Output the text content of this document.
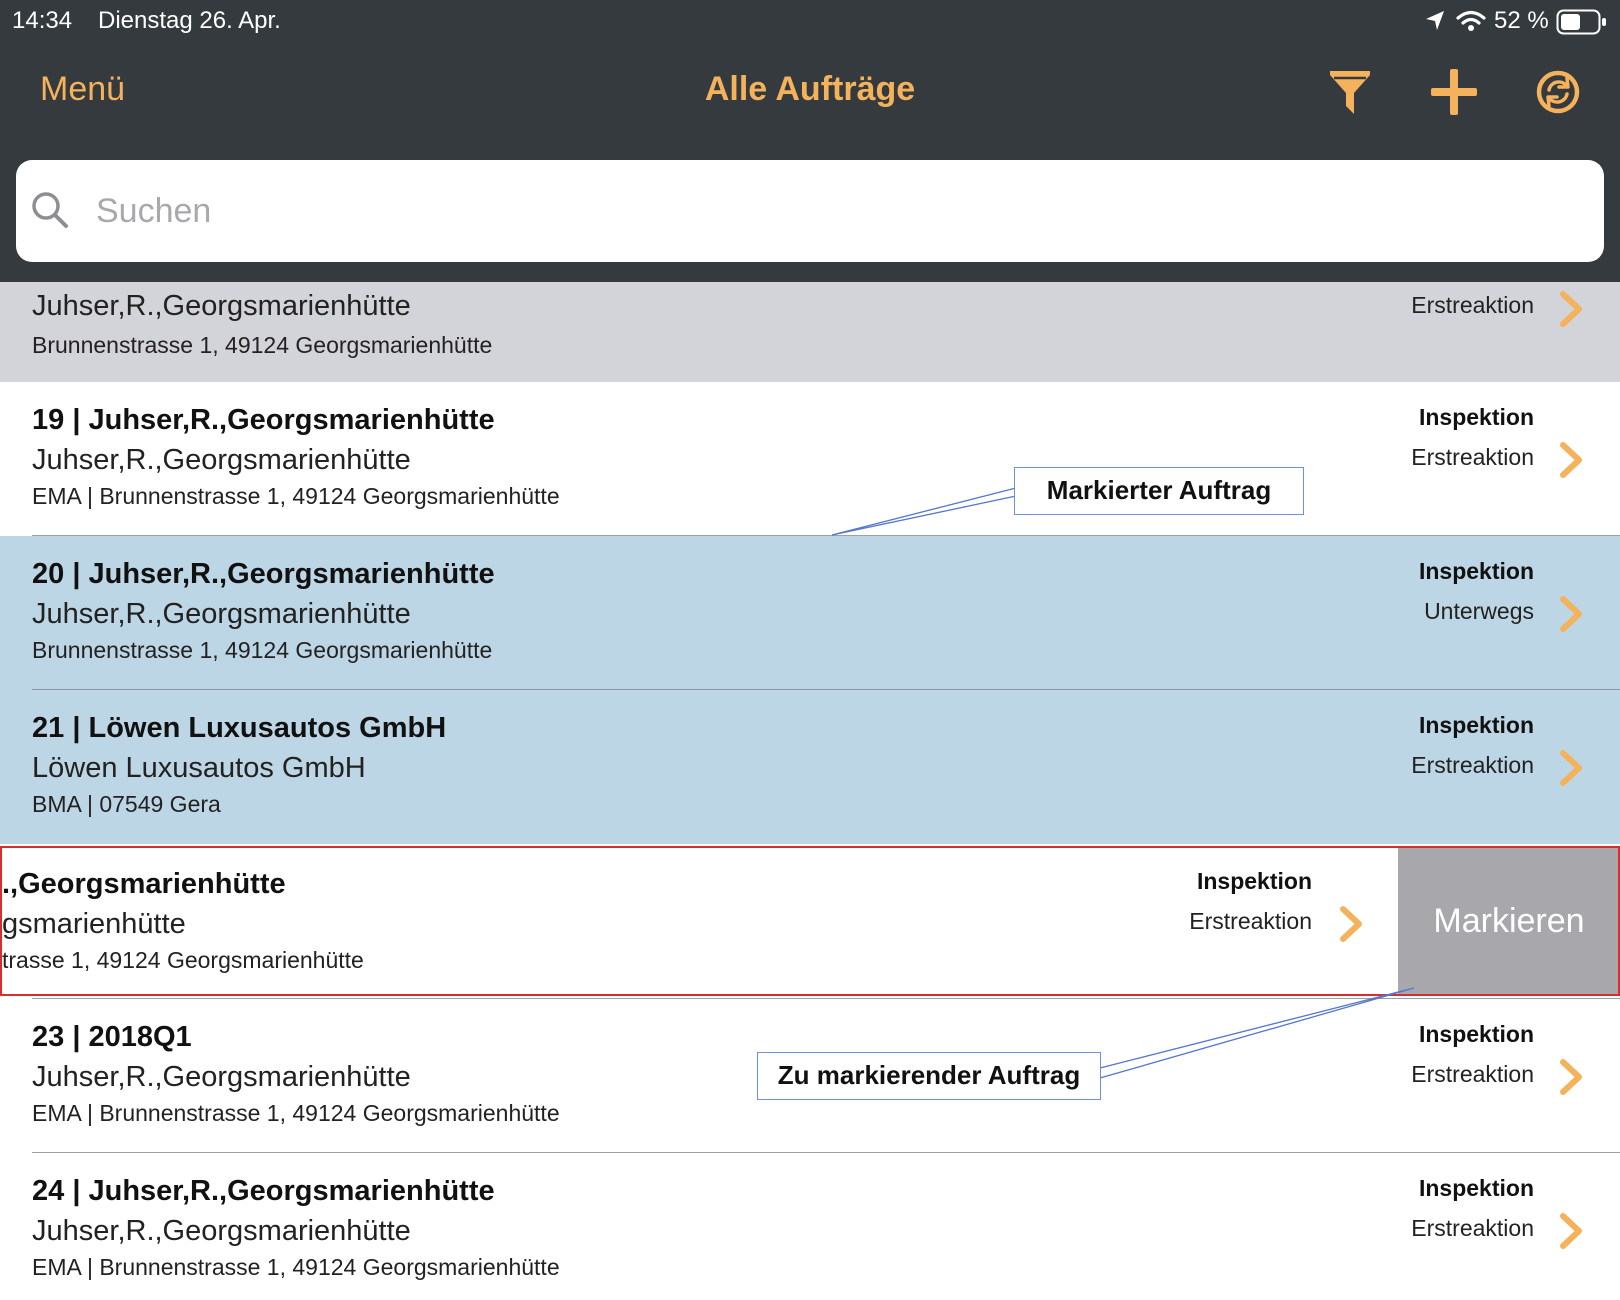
14:34 Dienstag 26. Apr.	52 %
Menü	Alle Aufträge
Suchen
Juhser,R.,Georgsmarienhütte
Brunnenstrasse 1, 49124 Georgsmarienhütte
Erstreaktion
19 | Juhser,R.,Georgsmarienhütte
Juhser,R.,Georgsmarienhütte
EMA | Brunnenstrasse 1, 49124 Georgsmarienhütte
Inspektion
Erstreaktion
20 | Juhser,R.,Georgsmarienhütte
Juhser,R.,Georgsmarienhütte
Brunnenstrasse 1, 49124 Georgsmarienhütte
Inspektion
Unterwegs
21 | Löwen Luxusautos GmbH
Löwen Luxusautos GmbH
BMA | 07549 Gera
Inspektion
Erstreaktion
.,Georgsmarienhütte
gsmarienhütte
trasse 1, 49124 Georgsmarienhütte
Inspektion
Erstreaktion	Markieren
23 | 2018Q1
Juhser,R.,Georgsmarienhütte
EMA | Brunnenstrasse 1, 49124 Georgsmarienhütte
Inspektion
Erstreaktion
24 | Juhser,R.,Georgsmarienhütte
Juhser,R.,Georgsmarienhütte
EMA | Brunnenstrasse 1, 49124 Georgsmarienhütte
Inspektion
Erstreaktion
Markierter Auftrag
Zu markierender Auftrag
